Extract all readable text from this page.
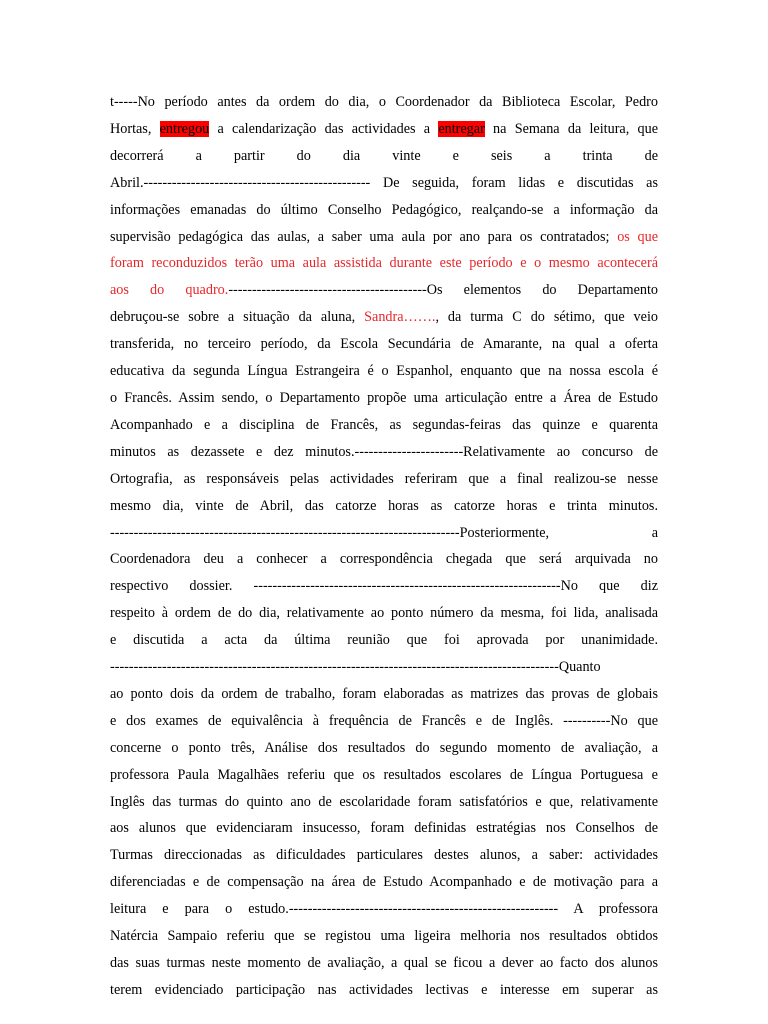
t-----No período antes da ordem do dia, o Coordenador da Biblioteca Escolar, Pedro
Hortas, entregou a calendarização das actividades a entregar na Semana da leitura, que
decorrerá a partir do dia vinte e seis a trinta de
Abril.------------------------------------------------ De seguida, foram lidas e discutidas as
informações emanadas do último Conselho Pedagógico, realçando-se a informação da
supervisão pedagógica das aulas, a saber uma aula por ano para os contratados; os que
foram reconduzidos terão uma aula assistida durante este período e o mesmo acontecerá
aos do quadro.------------------------------------------Os elementos do Departamento
debruçou-se sobre a situação da aluna, Sandra……., da turma C do sétimo, que veio
transferida, no terceiro período, da Escola Secundária de Amarante, na qual a oferta
educativa da segunda Língua Estrangeira é o Espanhol, enquanto que na nossa escola é
o Francês. Assim sendo, o Departamento propõe uma articulação entre a Área de Estudo
Acompanhado e a disciplina de Francês, as segundas-feiras das quinze e quarenta
minutos as dezassete e dez minutos.-----------------------Relativamente ao concurso de
Ortografia, as responsáveis pelas actividades referiram que a final realizou-se nesse
mesmo dia, vinte de Abril, das catorze horas as catorze horas e trinta minutos.
--------------------------------------------------------------------------Posteriormente, a
Coordenadora deu a conhecer a correspondência chegada que será arquivada no
respectivo dossier. -----------------------------------------------------------------No que diz
respeito à ordem de do dia, relativamente ao ponto número da mesma, foi lida, analisada
e discutida a acta da última reunião que foi aprovada por unanimidade.
-----------------------------------------------------------------------------------------------Quanto
ao ponto dois da ordem de trabalho, foram elaboradas as matrizes das provas de globais
e dos exames de equivalência à frequência de Francês e de Inglês. ----------No que
concerne o ponto três, Análise dos resultados do segundo momento de avaliação, a
professora Paula Magalhães referiu que os resultados escolares de Língua Portuguesa e
Inglês das turmas do quinto ano de escolaridade foram satisfatórios e que, relativamente
aos alunos que evidenciaram insucesso, foram definidas estratégias nos Conselhos de
Turmas direccionadas as dificuldades particulares destes alunos, a saber: actividades
diferenciadas e de compensação na área de Estudo Acompanhado e de motivação para a
leitura e para o estudo.--------------------------------------------------------- A professora
Natércia Sampaio referiu que se registou uma ligeira melhoria nos resultados obtidos
das suas turmas neste momento de avaliação, a qual se ficou a dever ao facto dos alunos
terem evidenciado participação nas actividades lectivas e interesse em superar as
